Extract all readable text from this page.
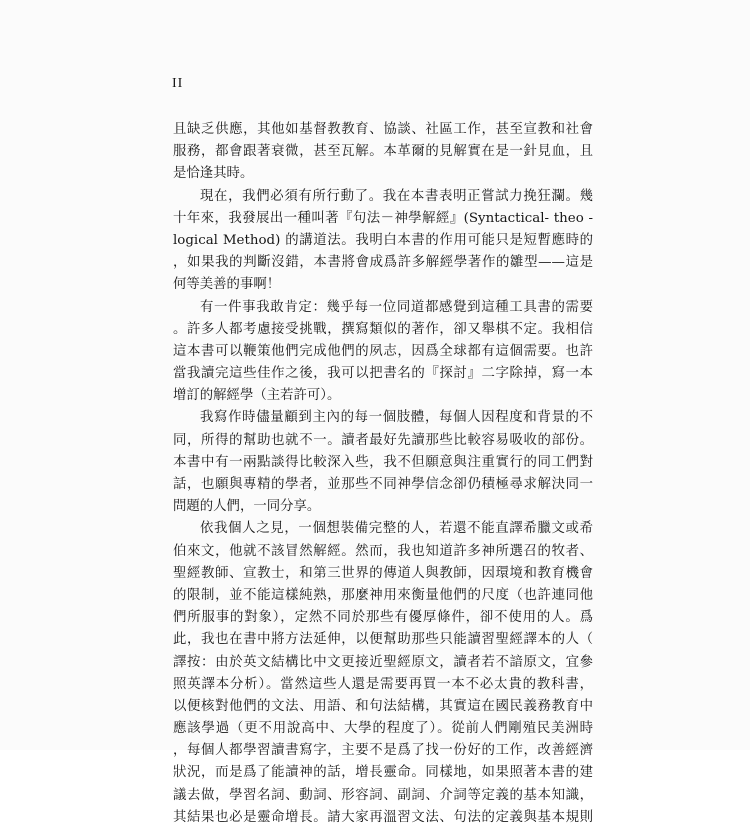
II
且缺乏供應，其他如基督教教育、協談、社區工作，甚至宣教和社會
服務，都會跟著衰微，甚至瓦解。本革爾的見解實在是一針見血，且
是恰逢其時。
現在，我們必須有所行動了。我在本書表明正嘗試力挽狂瀾。幾
十年來，我發展出一種叫著『句法－神學解經』(Syntactical- theo -
logical Method) 的講道法。我明白本書的作用可能只是短暫應時的
，如果我的判斷沒錯，本書將會成爲許多解經學著作的雛型——這是
何等美善的事啊！
有一件事我敢肯定：幾乎每一位同道都感覺到這種工具書的需要
。許多人都考慮接受挑戰，撰寫類似的著作，卻又舉棋不定。我相信
這本書可以鞭策他們完成他們的夙志，因爲全球都有這個需要。也許
當我讀完這些佳作之後，我可以把書名的『探討』二字除掉，寫一本
增訂的解經學（主若許可）。
我寫作時儘量顧到主內的每一個肢體，每個人因程度和背景的不
同，所得的幫助也就不一。讀者最好先讀那些比較容易吸收的部份。
本書中有一兩點談得比較深入些，我不但願意與注重實行的同工們對
話，也願與專精的學者，並那些不同神學信念卻仍積極尋求解決同一
問題的人們，一同分享。
依我個人之見，一個想裝備完整的人，若還不能直譯希臘文或希
伯來文，他就不該冒然解經。然而，我也知道許多神所選召的牧者、
聖經教師、宣教士，和第三世界的傳道人與教師，因環境和教育機會
的限制，並不能這樣純熟，那麼神用來衡量他們的尺度（也許連同他
們所服事的對象），定然不同於那些有優厚條件，卻不使用的人。爲
此，我也在書中將方法延伸，以便幫助那些只能讀習聖經譯本的人（
譯按：由於英文結構比中文更接近聖經原文，讀者若不諳原文，宜參
照英譯本分析）。當然這些人還是需要再買一本不必太貴的教科書，
以便核對他們的文法、用語、和句法結構，其實這在國民義務教育中
應該學過（更不用說高中、大學的程度了）。從前人們剛殖民美洲時
，每個人都學習讀書寫字，主要不是爲了找一份好的工作，改善經濟
狀況，而是爲了能讀神的話，增長靈命。同樣地，如果照著本書的建
議去做，學習名詞、動詞、形容詞、副詞、介詞等定義的基本知識，
其結果也必是靈命增長。請大家再溫習文法、句法的定義與基本規則
